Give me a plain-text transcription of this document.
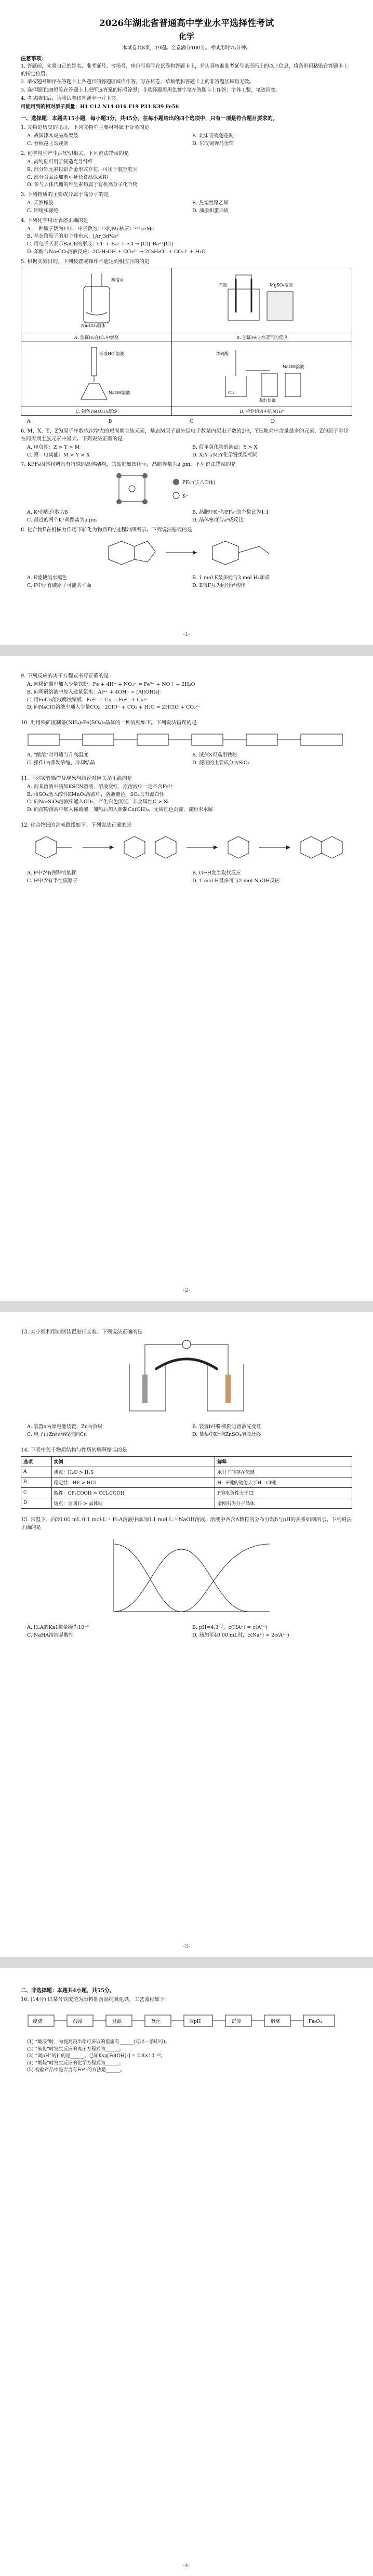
2026年湖北省普通高中学业水平选择性考试
化学
本试卷共8页，19题。全卷满分100分。考试用时75分钟。
注意事项：
1. 答题前，先将自己的姓名、准考证号、考场号、座位号填写在试卷和答题卡上，并认真核准准考证号条形码上的以上信息，将条形码粘贴在答题卡上的指定位置。
2. 请按题号顺序在答题卡上各题目的答题区域内作答，写在试卷、草稿纸和答题卡上的非答题区域均无效。
3. 选择题用2B铅笔在答题卡上把所选答案的标号涂黑；非选择题用黑色签字笔在答题卡上作答；字体工整，笔迹清楚。
4. 考试结束后，请将试卷和答题卡一并上交。
可能用到的相对原子质量：H1 C12 N14 O16 F19 P31 K39 Fe56
一、选择题：本题共15小题，每小题3分，共45分。在每小题给出的四个选项中，只有一项是符合题目要求的。
1. 文物是历史的见证，下列文物中主要材料属于合金的是
A. 战国漆木虎座鸟架鼓	B. 北宋青瓷莲花碗
C. 春秋越王勾践剑	D. 东汉铜奔马金饰
2. 化学与生产生活密切相关，下列说法错误的是
A. 高纯硅可用于制造光导纤维
B. 部分铝元素以铝合金形式存在，可用于航空航天
C. 部分食品添加剂可延长食品保质期
D. 参与人体代谢的维生素均属于有机高分子化合物
3. 下列物质的主要成分属于高分子的是
A. 天然橡胶	B. 热塑性聚乙烯
C. 锦纶和涤纶	D. 油脂和蛋白质
4. 下列化学用语表述正确的是
A. 一种质子数为115、中子数为173的Mc核素：²⁸⁸₁₁₅Mc
B. 基态铬原子的电子排布式：[Ar]3d⁴4s²
C. 用电子式表示BaCl₂的形成：Cl· + Ba· + ·Cl → [Cl]⁻Ba²⁺[Cl]⁻
D. 苯酚与Na₂CO₃溶液反应：2C₆H₅OH + CO₃²⁻ → 2C₆H₅O⁻ + CO₂↑ + H₂O
5. 根据实验目的，下列装置或操作不能达到相应目的的是
蒸馏水
Na₂CO₃固体	石墨 MgSO₄溶液

A. 验证H₂在Cl₂中燃烧	B. 验证Fe与水蒸气的反应

标准HCl溶液
NaOH溶液	浓硫酸
Cu
品红溶液
NaOH溶液

C. 制备Fe(OH)₂沉淀	D. 检验溶液中的NH₄⁺
A	B	C	D
6. M、X、Y、Z为原子序数依次增大的短周期主族元素，基态M原子最外层电子数是内层电子数的2倍，Y是地壳中含量最多的元素，Z的原子半径在同周期主族元素中最大。下列说法正确的是
A. 电负性：Z > Y > M	B. 简单氢化物的沸点：Y > X
C. 第一电离能：M > Y > X	D. X₂Y与M₂Y化学键类型相同
7. KPF₆固体材料具有特殊的晶体结构，其晶胞如图所示，晶胞参数为a pm。下列说法错误的是
PF₆⁻(正八面体)
K⁺
A. K⁺的配位数为8	B. 晶胞中K⁺与PF₆⁻的个数比为1:1
C. 最近的两个K⁺间距离为a pm	D. 晶体密度与a³成反比
8. 化合物E在机械力作用下转化为物质F的过程如图所示。下列说法错误的是
A. E能使溴水褪色	B. 1 mol E最多能与3 mol H₂加成
C. F中所有碳原子可能共平面	D. E与F互为同分异构体
-1-
9. 下列反应的离子方程式书写正确的是
A. 向稀硝酸中加入少量铁粉：Fe + 4H⁺ + NO₃⁻ = Fe³⁺ + NO↑ + 2H₂O
B. 向明矾溶液中加入过量氨水：Al³⁺ + 4OH⁻ = [Al(OH)₄]⁻
C. 用FeCl₃溶液腐蚀铜板：Fe³⁺ + Cu = Fe²⁺ + Cu²⁺
D. 向NaClO溶液中通入少量CO₂：2ClO⁻ + CO₂ + H₂O = 2HClO + CO₃²⁻
10. 利用铁矿渣制备(NH₄)₂Fe(SO₄)₂晶体的一种流程如下。下列说法错误的是
A. “酸溶”时可适当升高温度	B. 试剂X可选用铁粉
C. 操作Ⅰ为蒸发浓缩、冷却结晶	D. 滤渣的主要成分为SiO₂
11. 下列实验操作及现象与结论对应关系正确的是
A. 向某溶液中滴加KSCN溶液，溶液变红，原溶液中一定不含Fe²⁺
B. 将SO₂通入酸性KMnO₄溶液中，溶液褪色，SO₂具有漂白性
C. 向Na₂SiO₃溶液中通入CO₂，产生白色沉淀，非金属性C > Si
D. 向淀粉溶液中加入稀硫酸，加热后加入新制Cu(OH)₂，无砖红色沉淀，淀粉未水解
12. 化合物H的合成路线如下。下列说法正确的是
A. F中含有两种官能团	B. G→H发生取代反应
C. H中含有手性碳原子	D. 1 mol H最多可与2 mol NaOH反应
-2-
13. 某小组利用如图装置进行实验。下列说法正确的是
A. 装置a为原电池装置，Zn为负极	B. 装置b中阳极附近溶液先变红
C. 电子由Zn经导线流向Cu	D. 盐桥中K⁺向ZnSO₄溶液迁移
14. 下表中关于物质结构与性质的解释错误的是
选项	实例	解释
A	沸点：H₂O > H₂S	水分子间存在氢键
B	稳定性：HF > HCl	H—F键的键能大于H—Cl键
C	酸性：CF₃COOH > CCl₃COOH	F的电负性大于Cl
D	熔点：金刚石 > 晶体硅	金刚石为分子晶体
15. 常温下，向20.00 mL 0.1 mol·L⁻¹ H₂A溶液中滴加0.1 mol·L⁻¹ NaOH溶液，溶液中各含A微粒的分布分数δ与pH的关系如图所示。下列说法正确的是
A. H₂A的Ka1数量级为10⁻²	B. pH=4.3时，c(HA⁻) = c(A²⁻)
C. NaHA溶液显酸性	D. 滴加至40.00 mL时，c(Na⁺) = 2c(A²⁻)
-3-
二、非选择题：本题共4小题，共55分。
16. (14分) 以某含铁废渣为原料制备高纯氧化铁，工艺流程如下：
废渣	酸浸	过滤	氧化	调pH	沉淀	煅烧	Fe₂O₃
(1) “酸浸”时，为提高浸出率可采取的措施有______(写出一条即可)。
(2) “氧化”时发生反应的离子方程式为______。
(3) “调pH”的目的是______。已知Ksp[Fe(OH)₃] = 2.8×10⁻³⁹。
(4) “煅烧”时发生反应的化学方程式为______。
(5) 检验产品中是否含有Fe²⁺的方法是______。
-4-
